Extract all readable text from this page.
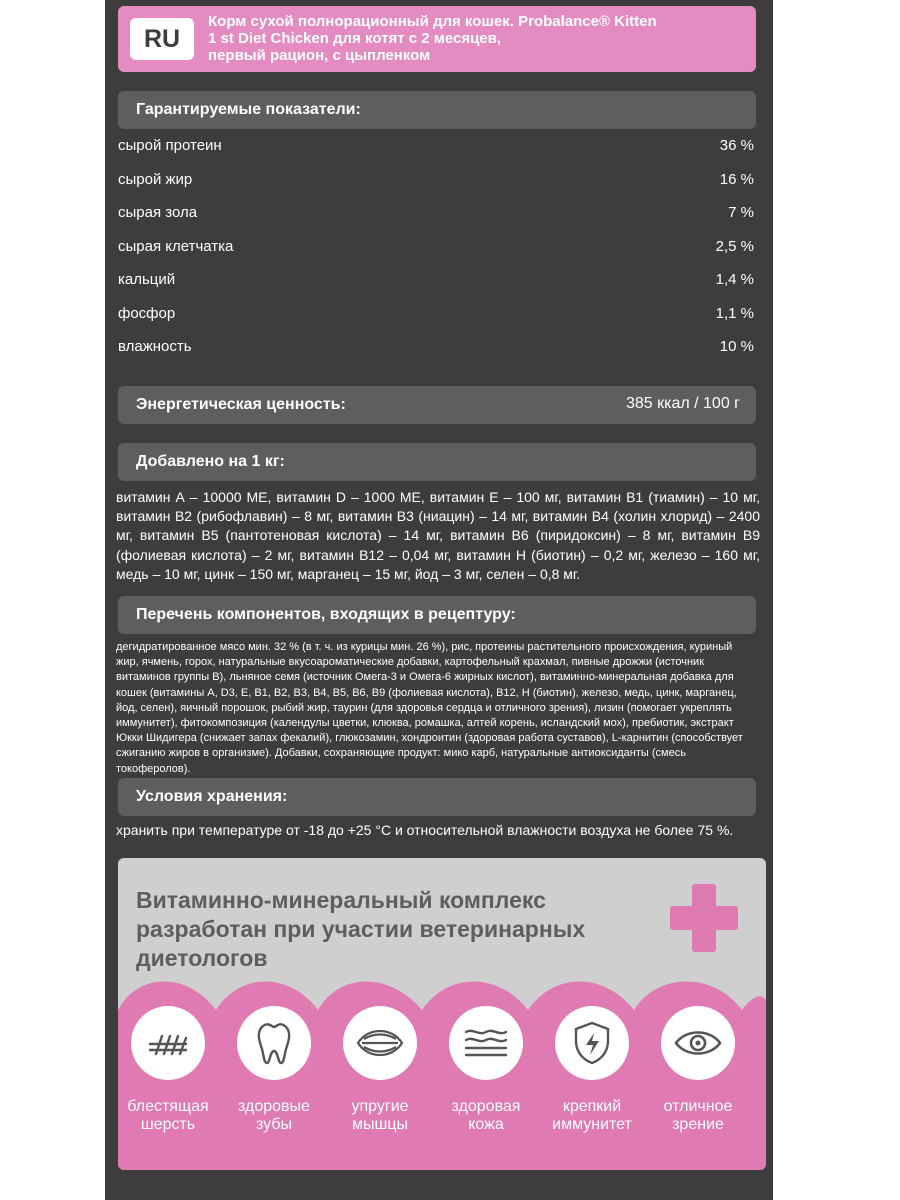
RU
Корм сухой полнорационный для кошек. Probalance® Kitten
1 st Diet Chicken для котят с 2 месяцев,
первый рацион, с цыпленком
Гарантируемые показатели:
сырой протеин	36 %
сырой жир	16 %
сырая зола	7 %
сырая клетчатка	2,5 %
кальций	1,4 %
фосфор	1,1 %
влажность	10 %
Энергетическая ценность:	385 ккал / 100 г
Добавлено на 1 кг:
витамин А – 10000 МЕ, витамин D – 1000 МЕ, витамин Е – 100 мг, витамин В1 (тиамин) – 10 мг, витамин В2 (рибофлавин) – 8 мг, витамин В3 (ниацин) – 14 мг, витамин В4 (холин хлорид) – 2400 мг, витамин В5 (пантотеновая кислота) – 14 мг, витамин В6 (пиридоксин) – 8 мг, витамин В9 (фолиевая кислота) – 2 мг, витамин В12 – 0,04 мг, витамин Н (биотин) – 0,2 мг, железо – 160 мг, медь – 10 мг, цинк – 150 мг, марганец – 15 мг, йод – 3 мг, селен – 0,8 мг.
Перечень компонентов, входящих в рецептуру:
дегидратированное мясо мин. 32 % (в т. ч. из курицы мин. 26 %), рис, протеины растительного происхождения, куриный жир, ячмень, горох, натуральные вкусоароматические добавки, картофельный крахмал, пивные дрожжи (источник витаминов группы В), льняное семя (источник Омега-3 и Омега-6 жирных кислот), витаминно-минеральная добавка для кошек (витамины А, D3, Е, В1, В2, В3, В4, В5, В6, В9 (фолиевая кислота), В12, Н (биотин), железо, медь, цинк, марганец, йод, селен), яичный порошок, рыбий жир, таурин (для здоровья сердца и отличного зрения), лизин (помогает укреплять иммунитет), фитокомпозиция (календулы цветки, клюква, ромашка, алтей корень, исландский мох), пребиотик, экстракт Юкки Шидигера (снижает запах фекалий), глюкозамин, хондроитин (здоровая работа суставов), L-карнитин (способствует сжиганию жиров в организме). Добавки, сохраняющие продукт: мико карб, натуральные антиоксиданты (смесь токоферолов).
Условия хранения:
хранить при температуре от -18 до +25 °С и относительной влажности воздуха не более 75 %.
Витаминно-минеральный комплекс
разработан при участии ветеринарных
диетологов
блестящая
шерсть
здоровые
зубы
упругие
мышцы
здоровая
кожа
крепкий
иммунитет
отличное
зрение
